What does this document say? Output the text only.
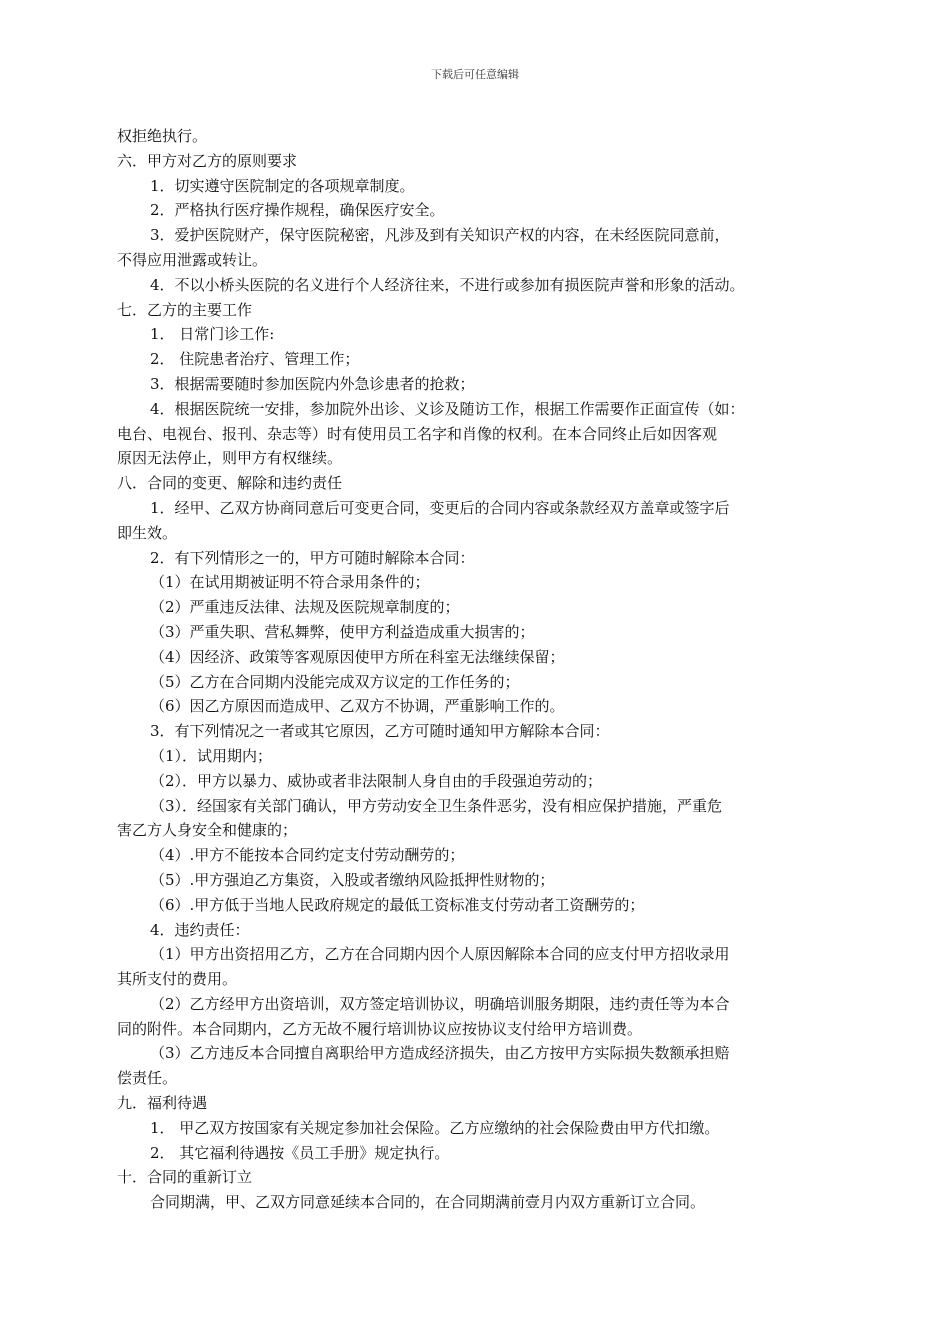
下载后可任意编辑

权拒绝执行。

六．甲方对乙方的原则要求

1．切实遵守医院制定的各项规章制度。

2．严格执行医疗操作规程，确保医疗安全。

3．爱护医院财产，保守医院秘密，凡涉及到有关知识产权的内容，在未经医院同意前，

不得应用泄露或转让。

4．不以小桥头医院的名义进行个人经济往来，不进行或参加有损医院声誉和形象的活动。

七．乙方的主要工作

1． 日常门诊工作:

2． 住院患者治疗、管理工作；

3．根据需要随时参加医院内外急诊患者的抢救；

4．根据医院统一安排，参加院外出诊、义诊及随访工作，根据工作需要作正面宣传（如：

电台、电视台、报刊、杂志等）时有使用员工名字和肖像的权利。在本合同终止后如因客观

原因无法停止，则甲方有权继续。

八．合同的变更、解除和违约责任

1．经甲、乙双方协商同意后可变更合同，变更后的合同内容或条款经双方盖章或签字后

即生效。

2．有下列情形之一的，甲方可随时解除本合同：

（1）在试用期被证明不符合录用条件的；

（2）严重违反法律、法规及医院规章制度的；

（3）严重失职、营私舞弊，使甲方利益造成重大损害的；

（4）因经济、政策等客观原因使甲方所在科室无法继续保留；

（5）乙方在合同期内没能完成双方议定的工作任务的；

（6）因乙方原因而造成甲、乙双方不协调，严重影响工作的。

3．有下列情况之一者或其它原因，乙方可随时通知甲方解除本合同：

（1）．试用期内；

（2）．甲方以暴力、威协或者非法限制人身自由的手段强迫劳动的；

（3）．经国家有关部门确认，甲方劳动安全卫生条件恶劣，没有相应保护措施，严重危

害乙方人身安全和健康的；

（4）.甲方不能按本合同约定支付劳动酬劳的；

（5）.甲方强迫乙方集资，入股或者缴纳风险抵押性财物的；

（6）.甲方低于当地人民政府规定的最低工资标准支付劳动者工资酬劳的；

4．违约责任：

（1）甲方出资招用乙方，乙方在合同期内因个人原因解除本合同的应支付甲方招收录用

其所支付的费用。

（2）乙方经甲方出资培训，双方签定培训协议，明确培训服务期限，违约责任等为本合

同的附件。本合同期内，乙方无故不履行培训协议应按协议支付给甲方培训费。

（3）乙方违反本合同擅自离职给甲方造成经济损失，由乙方按甲方实际损失数额承担赔

偿责任。

九．福利待遇

1． 甲乙双方按国家有关规定参加社会保险。乙方应缴纳的社会保险费由甲方代扣缴。

2． 其它福利待遇按《员工手册》规定执行。

十．合同的重新订立

合同期满，甲、乙双方同意延续本合同的，在合同期满前壹月内双方重新订立合同。
